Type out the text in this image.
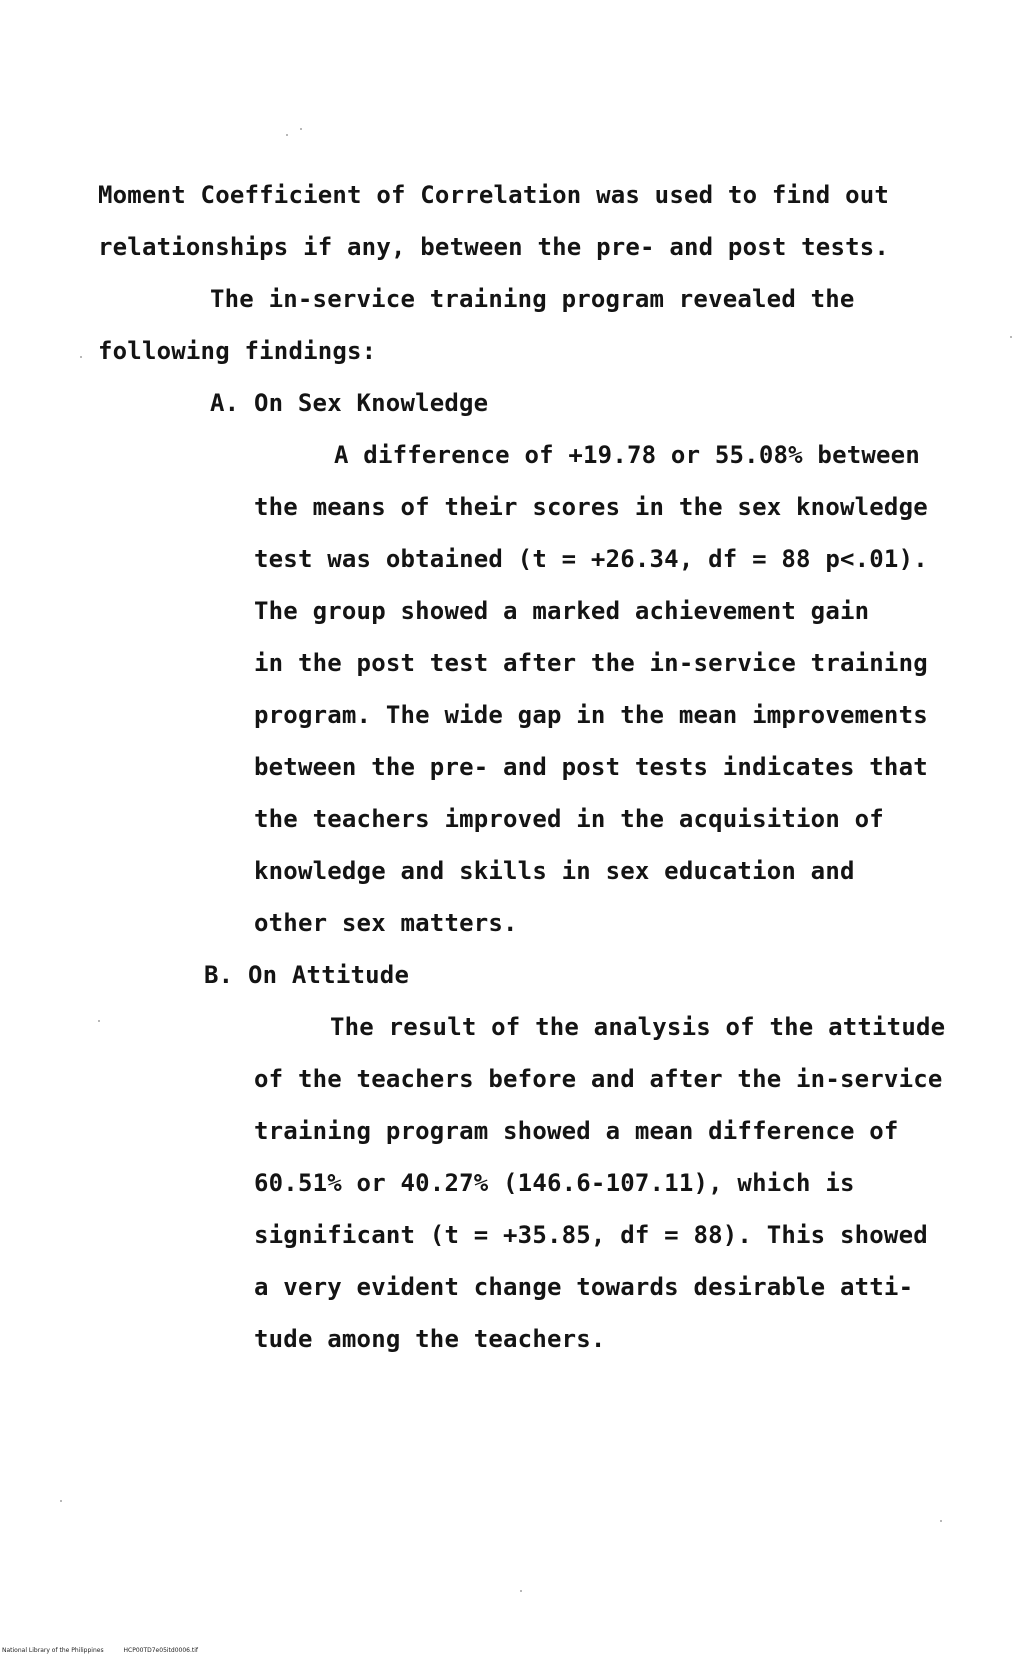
Moment Coefficient of Correlation was used to find out
relationships if any, between the pre- and post tests.
The in-service training program revealed the
following findings:
A. On Sex Knowledge
A difference of +19.78 or 55.08% between
the means of their scores in the sex knowledge
test was obtained (t = +26.34, df = 88 p<.01).
The group showed a marked achievement gain
in the post test after the in-service training
program. The wide gap in the mean improvements
between the pre- and post tests indicates that
the teachers improved in the acquisition of
knowledge and skills in sex education and
other sex matters.
B. On Attitude
The result of the analysis of the attitude
of the teachers before and after the in-service
training program showed a mean difference of
60.51% or 40.27% (146.6-107.11), which is
significant (t = +35.85, df = 88). This showed
a very evident change towards desirable atti-
tude among the teachers.
National Library of the Philippines	HCP00TD7e05itd0006.tif
